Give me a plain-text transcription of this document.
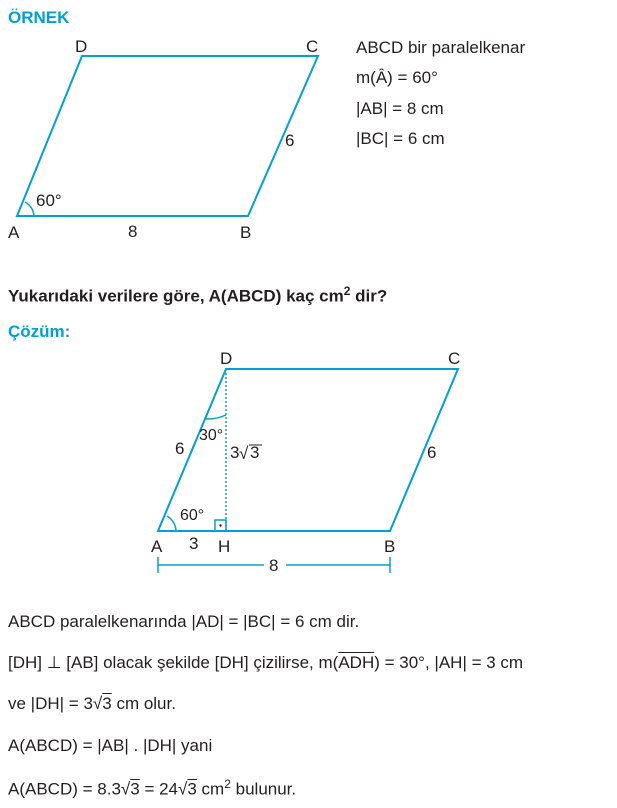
ÖRNEK
60°
A	B
C
D
8
6
ABCD bir paralelkenar
m(Â) = 60°
|AB| = 8 cm
|BC| = 6 cm
Yukarıdaki verilere göre, A(ABCD) kaç $cm^2$ dir?
Çözüm:
D	C
A	H	B
6	6
30°
60°
3
3 √ 3
8
ABCD paralelkenarında |AD| = |BC| = 6 cm dir.
[DH] ⊥ [AB] olacak şekilde [DH] çizilirse, $m(\overline{ADH}) = 30^\circ$, |AH| = 3 cm
ve |DH| = 3√3 cm olur.
A(ABCD) = |AB| . |DH| yani
A(ABCD) = 8.3√3 = 24√3 $cm^2$ bulunur.
